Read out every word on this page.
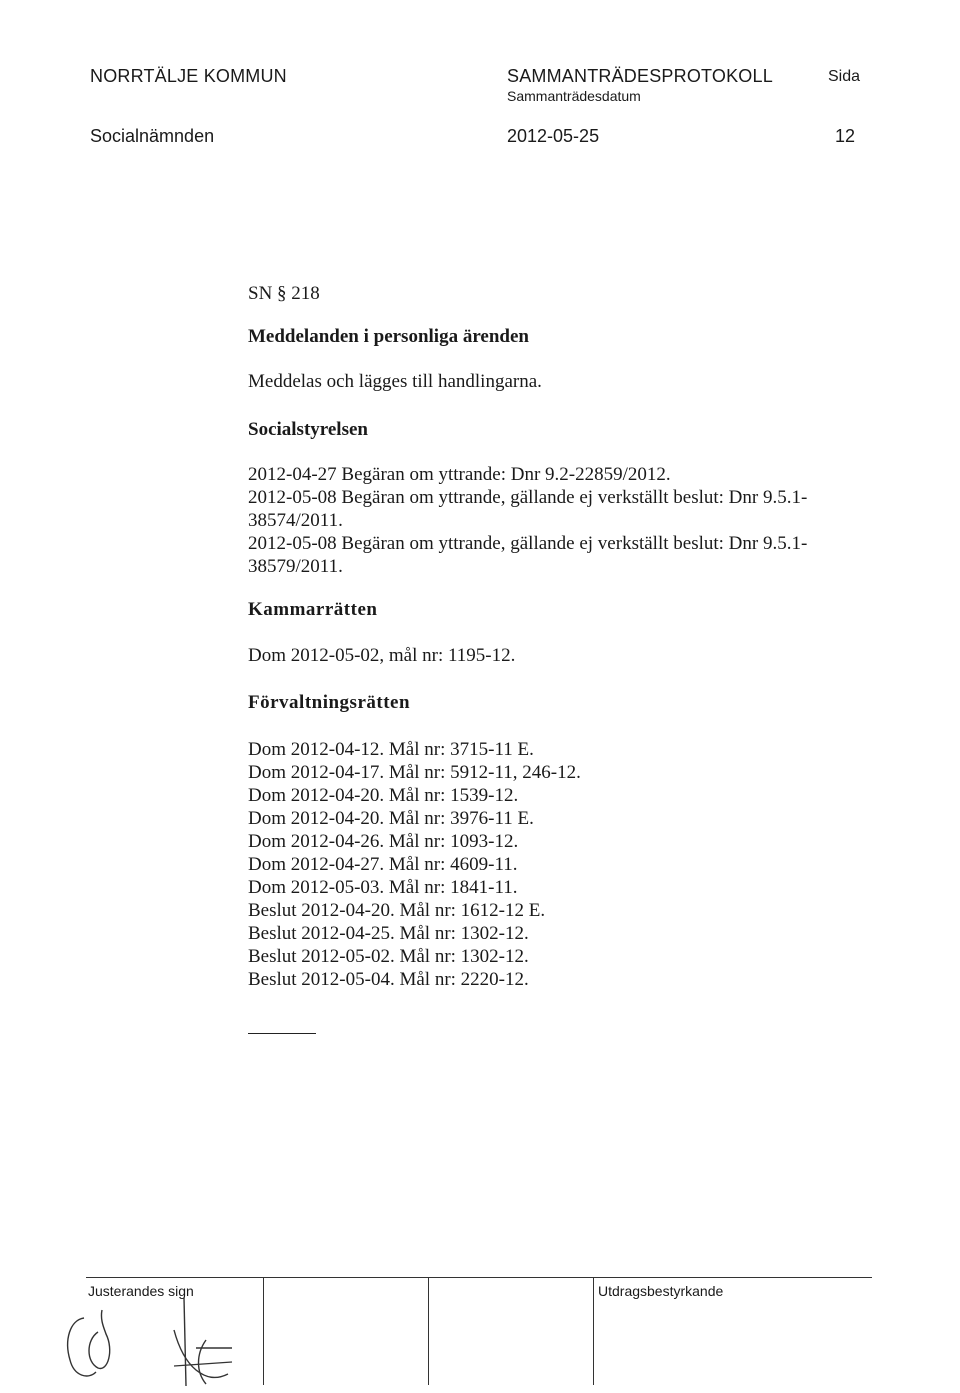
NORRTÄLJE KOMMUN	SAMMANTRÄDESPROTOKOLL
Sammanträdesdatum
Sida
Socialnämnden	2012-05-25	12
SN § 218
Meddelanden i personliga ärenden
Meddelas och lägges till handlingarna.
Socialstyrelsen
2012-04-27 Begäran om yttrande: Dnr 9.2-22859/2012.
2012-05-08 Begäran om yttrande, gällande ej verkställt beslut: Dnr 9.5.1-
38574/2011.
2012-05-08 Begäran om yttrande, gällande ej verkställt beslut: Dnr 9.5.1-
38579/2011.
Kammarrätten
Dom 2012-05-02, mål nr: 1195-12.
Förvaltningsrätten
Dom 2012-04-12. Mål nr: 3715-11 E.
Dom 2012-04-17. Mål nr: 5912-11, 246-12.
Dom 2012-04-20. Mål nr: 1539-12.
Dom 2012-04-20. Mål nr: 3976-11 E.
Dom 2012-04-26. Mål nr: 1093-12.
Dom 2012-04-27. Mål nr: 4609-11.
Dom 2012-05-03. Mål nr: 1841-11.
Beslut 2012-04-20. Mål nr: 1612-12 E.
Beslut 2012-04-25. Mål nr: 1302-12.
Beslut 2012-05-02. Mål nr: 1302-12.
Beslut 2012-05-04. Mål nr: 2220-12.
Justerandes sign	Utdragsbestyrkande
